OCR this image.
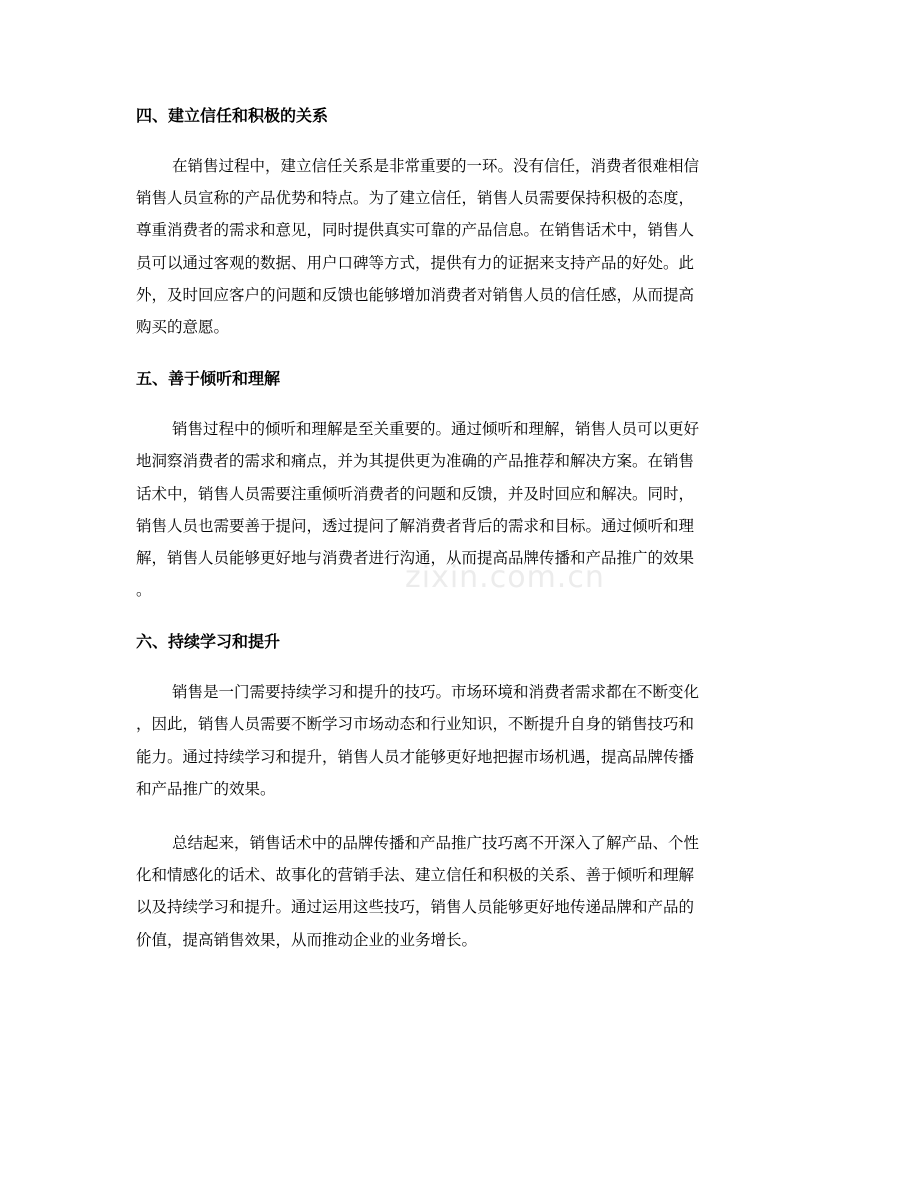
四、建立信任和积极的关系
在销售过程中，建立信任关系是非常重要的一环。没有信任，消费者很难相信
销售人员宣称的产品优势和特点。为了建立信任，销售人员需要保持积极的态度，
尊重消费者的需求和意见，同时提供真实可靠的产品信息。在销售话术中，销售人
员可以通过客观的数据、用户口碑等方式，提供有力的证据来支持产品的好处。此
外，及时回应客户的问题和反馈也能够增加消费者对销售人员的信任感，从而提高
购买的意愿。
五、善于倾听和理解
销售过程中的倾听和理解是至关重要的。通过倾听和理解，销售人员可以更好
地洞察消费者的需求和痛点，并为其提供更为准确的产品推荐和解决方案。在销售
话术中，销售人员需要注重倾听消费者的问题和反馈，并及时回应和解决。同时，
销售人员也需要善于提问，透过提问了解消费者背后的需求和目标。通过倾听和理
解，销售人员能够更好地与消费者进行沟通，从而提高品牌传播和产品推广的效果
。
六、持续学习和提升
销售是一门需要持续学习和提升的技巧。市场环境和消费者需求都在不断变化
，因此，销售人员需要不断学习市场动态和行业知识，不断提升自身的销售技巧和
能力。通过持续学习和提升，销售人员才能够更好地把握市场机遇，提高品牌传播
和产品推广的效果。
总结起来，销售话术中的品牌传播和产品推广技巧离不开深入了解产品、个性
化和情感化的话术、故事化的营销手法、建立信任和积极的关系、善于倾听和理解
以及持续学习和提升。通过运用这些技巧，销售人员能够更好地传递品牌和产品的
价值，提高销售效果，从而推动企业的业务增长。
zixin.com.cn
